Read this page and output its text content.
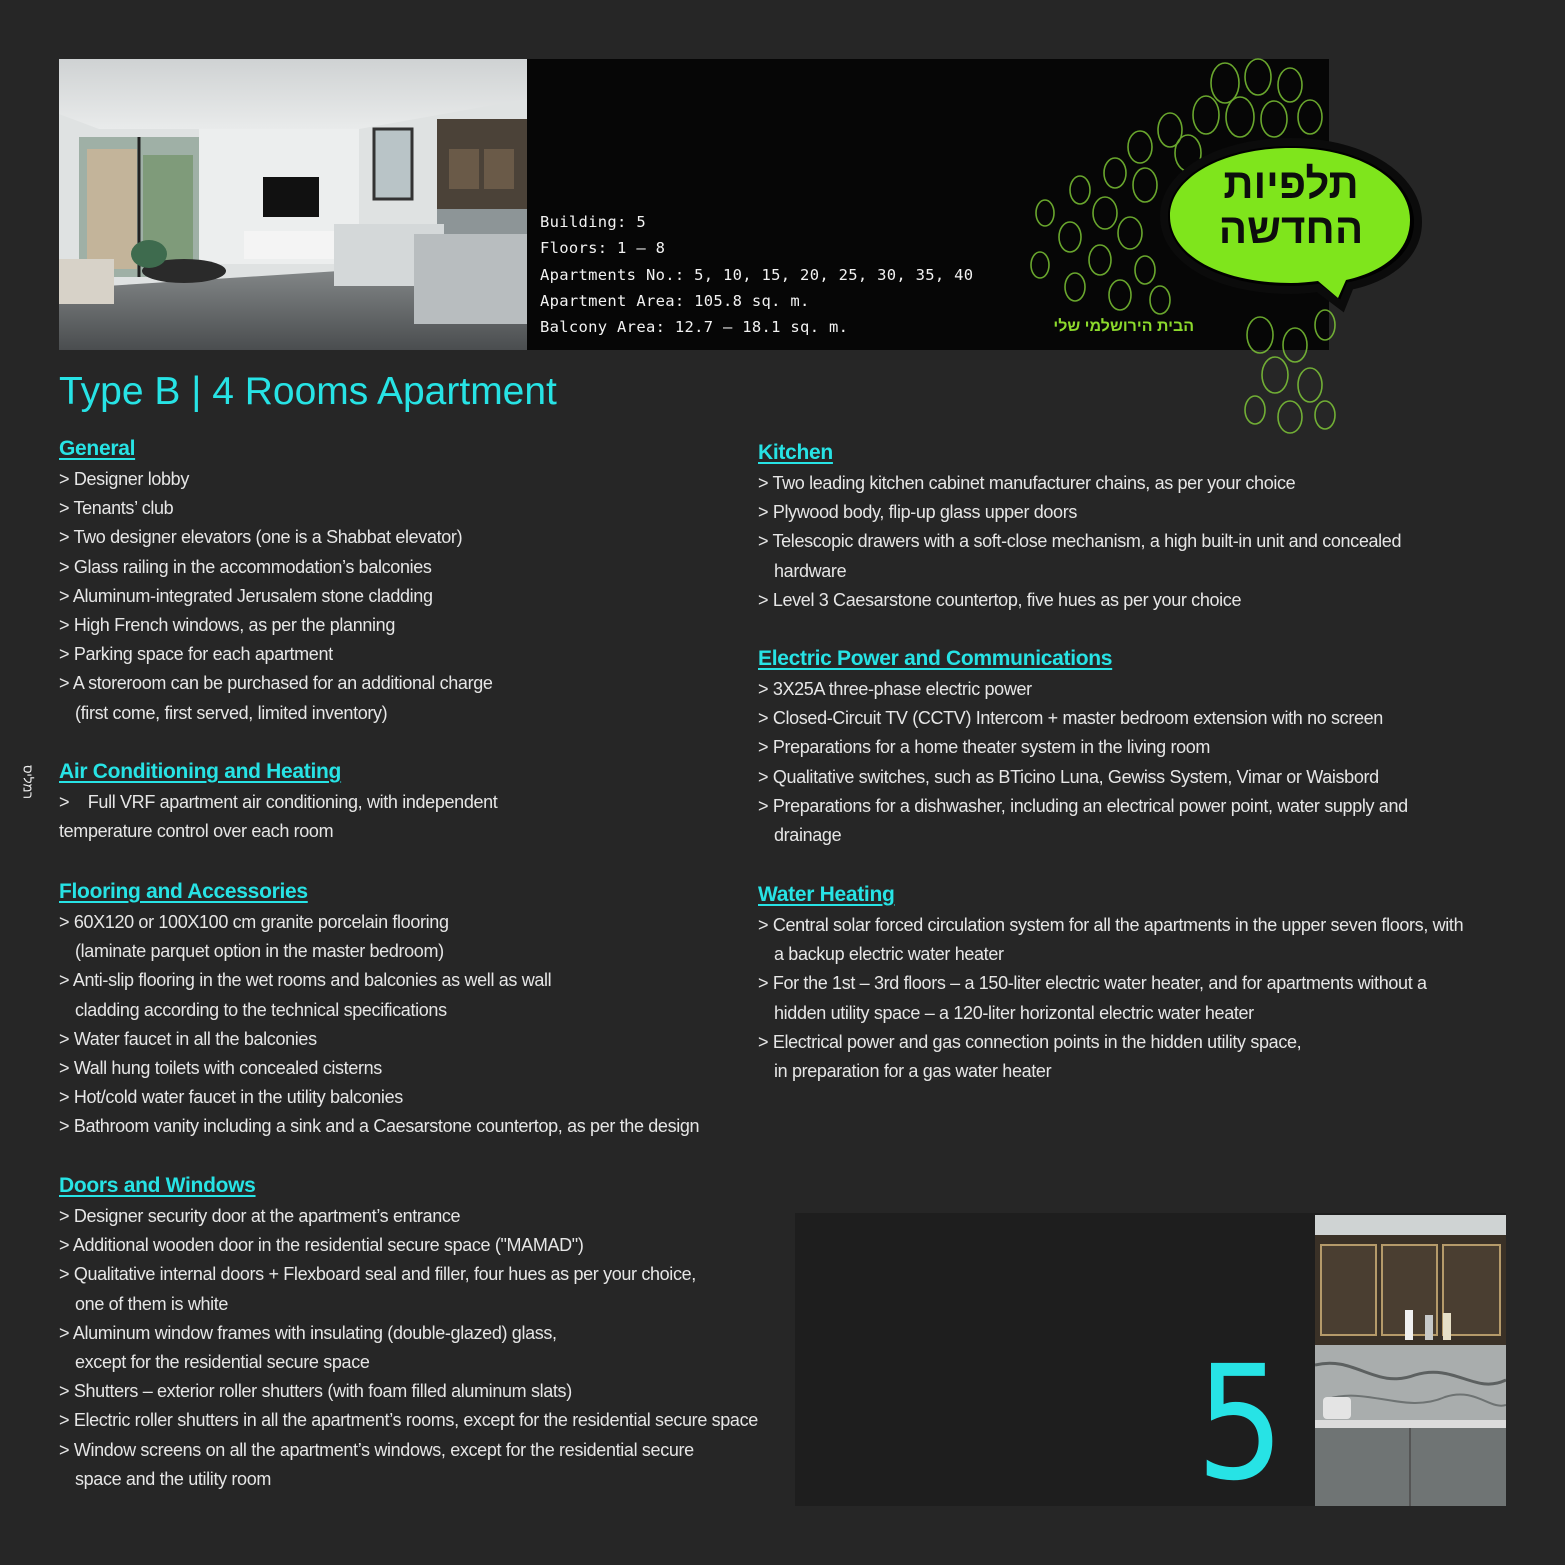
Building: 5
Floors: 1 – 8
Apartments No.: 5, 10, 15, 20, 25, 30, 35, 40
Apartment Area: 105.8 sq. m.
Balcony Area: 12.7 – 18.1 sq. m.
תלפיות
החדשה
הבית הירושלמי שלי
רמליס
Type B | 4 Rooms Apartment
General
> Designer lobby
> Tenants’ club
> Two designer elevators (one is a Shabbat elevator)
> Glass railing in the accommodation’s balconies
> Aluminum-integrated Jerusalem stone cladding
> High French windows, as per the planning
> Parking space for each apartment
> A storeroom can be purchased for an additional charge
(first come, first served, limited inventory)
Air Conditioning and Heating

>    Full VRF apartment air conditioning, with independent

temperature control over each room

Flooring and Accessories
> 60X120 or 100X100 cm granite porcelain flooring
(laminate parquet option in the master bedroom)
> Anti-slip flooring in the wet rooms and balconies as well as wall
cladding according to the technical specifications
> Water faucet in all the balconies
> Wall hung toilets with concealed cisterns
> Hot/cold water faucet in the utility balconies
> Bathroom vanity including a sink and a Caesarstone countertop, as per the design
Doors and Windows
> Designer security door at the apartment’s entrance
> Additional wooden door in the residential secure space ("MAMAD")
> Qualitative internal doors + Flexboard seal and filler, four hues as per your choice,
one of them is white
> Aluminum window frames with insulating (double-glazed) glass,
except for the residential secure space
> Shutters – exterior roller shutters (with foam filled aluminum slats)
> Electric roller shutters in all the apartment’s rooms, except for the residential secure space
> Window screens on all the apartment’s windows, except for the residential secure
space and the utility room
Kitchen
> Two leading kitchen cabinet manufacturer chains, as per your choice
> Plywood body, flip-up glass upper doors
> Telescopic drawers with a soft-close mechanism, a high built-in unit and concealed
hardware
> Level 3 Caesarstone countertop, five hues as per your choice
Electric Power and Communications
> 3X25A three-phase electric power
> Closed-Circuit TV (CCTV) Intercom + master bedroom extension with no screen
> Preparations for a home theater system in the living room
> Qualitative switches, such as BTicino Luna, Gewiss System, Vimar or Waisbord
> Preparations for a dishwasher, including an electrical power point, water supply and
drainage
Water Heating
> Central solar forced circulation system for all the apartments in the upper seven floors, with
a backup electric water heater
> For the 1st – 3rd floors – a 150-liter electric water heater, and for apartments without a
hidden utility space – a 120-liter horizontal electric water heater
> Electrical power and gas connection points in the hidden utility space,
in preparation for a gas water heater
5
